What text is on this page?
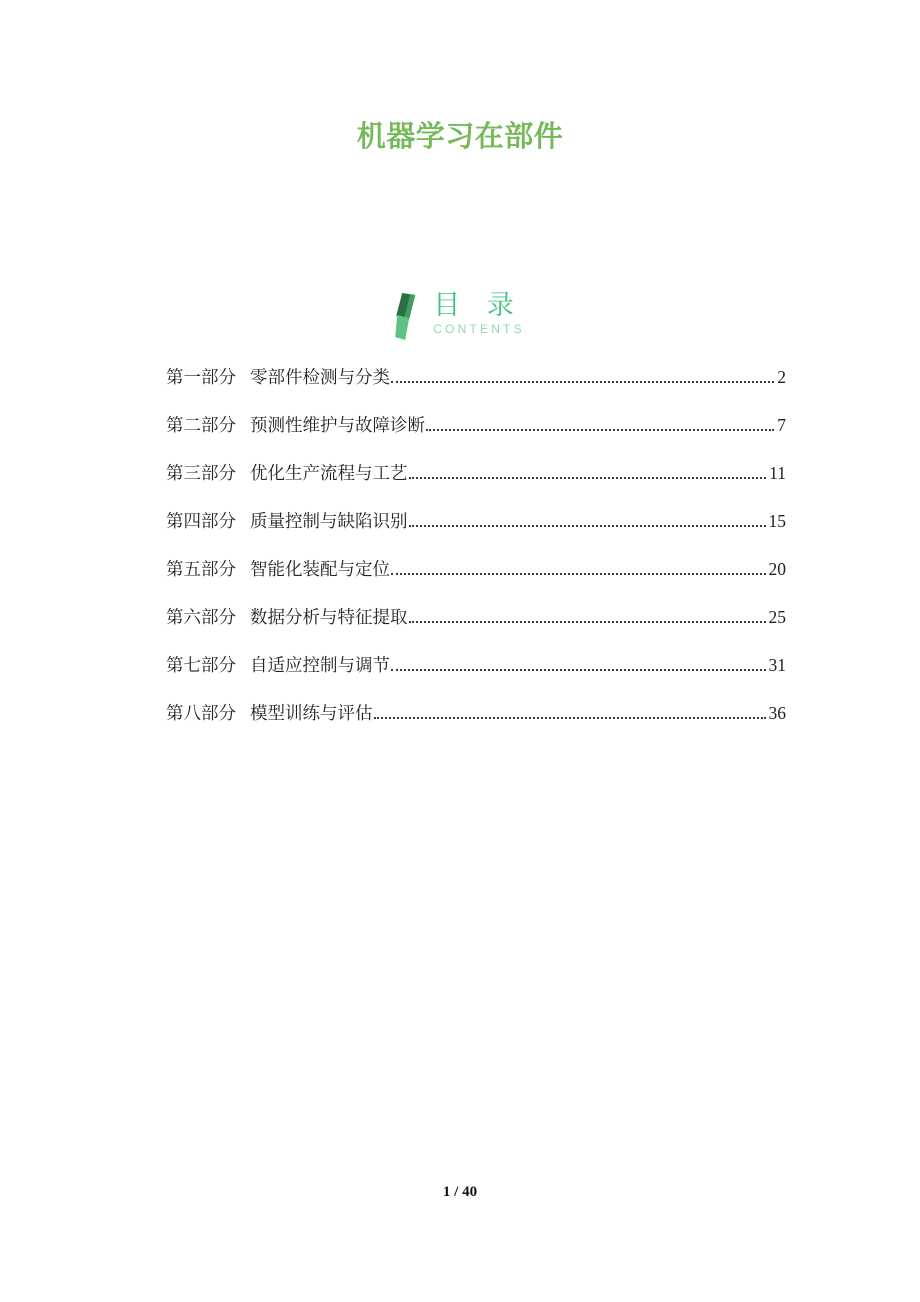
机器学习在部件
目 录
CONTENTS
第一部分 零部件检测与分类	2
第二部分 预测性维护与故障诊断	7
第三部分 优化生产流程与工艺	11
第四部分 质量控制与缺陷识别	15
第五部分 智能化装配与定位	20
第六部分 数据分析与特征提取	25
第七部分 自适应控制与调节	31
第八部分 模型训练与评估	36
1 / 40
